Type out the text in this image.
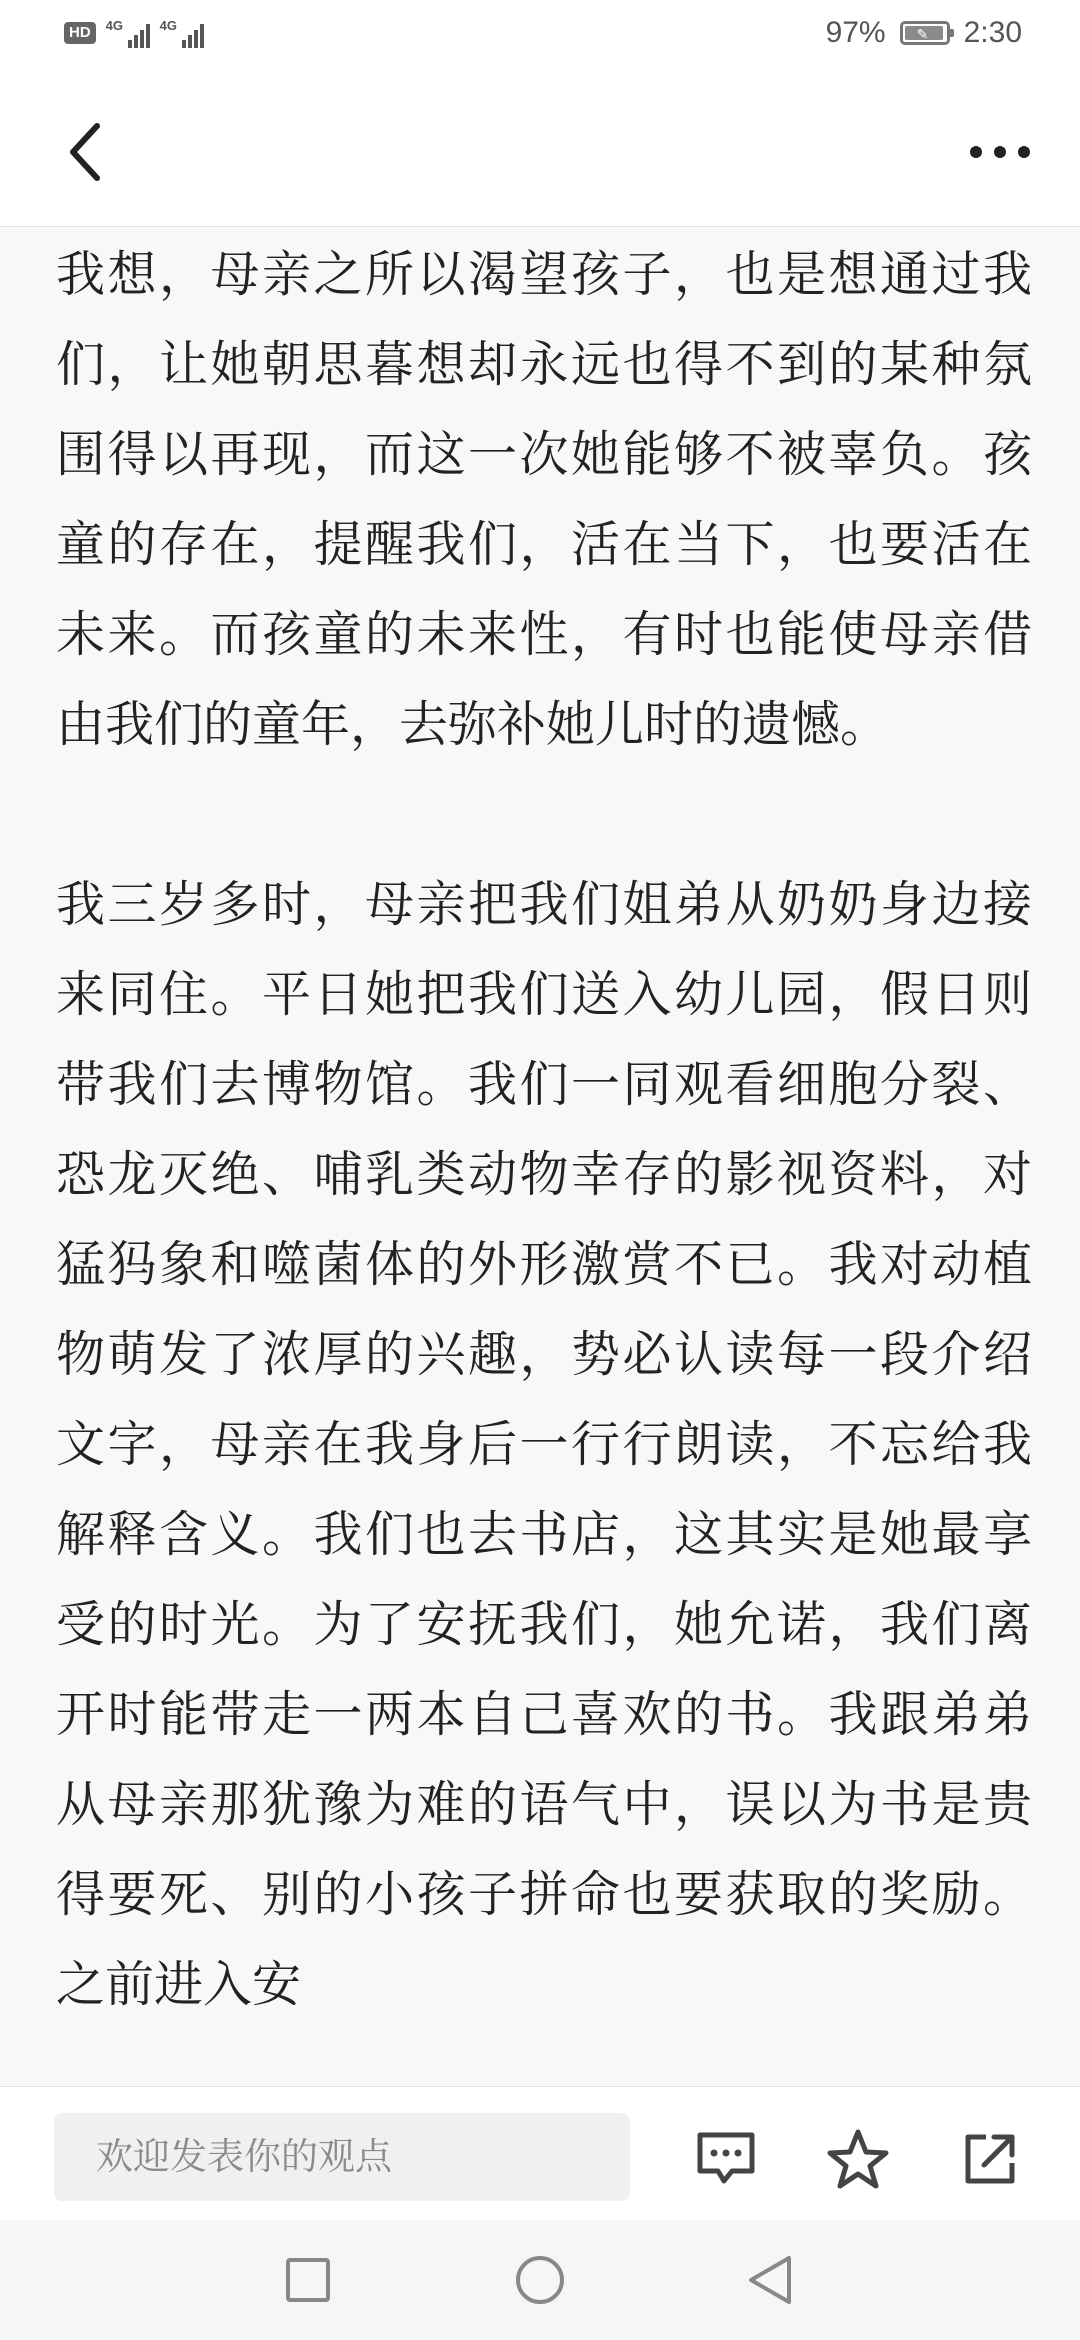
HD	4G	4G	97% ✎ 2:30

我想，母亲之所以渴望孩子，也是想通过我们，让她朝思暮想却永远也得不到的某种氛围得以再现，而这一次她能够不被辜负。孩童的存在，提醒我们，活在当下，也要活在未来。而孩童的未来性，有时也能使母亲借由我们的童年，去弥补她儿时的遗憾。

我三岁多时，母亲把我们姐弟从奶奶身边接来同住。平日她把我们送入幼儿园，假日则带我们去博物馆。我们一同观看细胞分裂、恐龙灭绝、哺乳类动物幸存的影视资料，对猛犸象和噬菌体的外形激赏不已。我对动植物萌发了浓厚的兴趣，势必认读每一段介绍文字，母亲在我身后一行行朗读，不忘给我解释含义。我们也去书店，这其实是她最享受的时光。为了安抚我们，她允诺，我们离开时能带走一两本自己喜欢的书。我跟弟弟从母亲那犹豫为难的语气中，误以为书是贵得要死、别的小孩子拼命也要获取的奖励。之前进入安

欢迎发表你的观点
